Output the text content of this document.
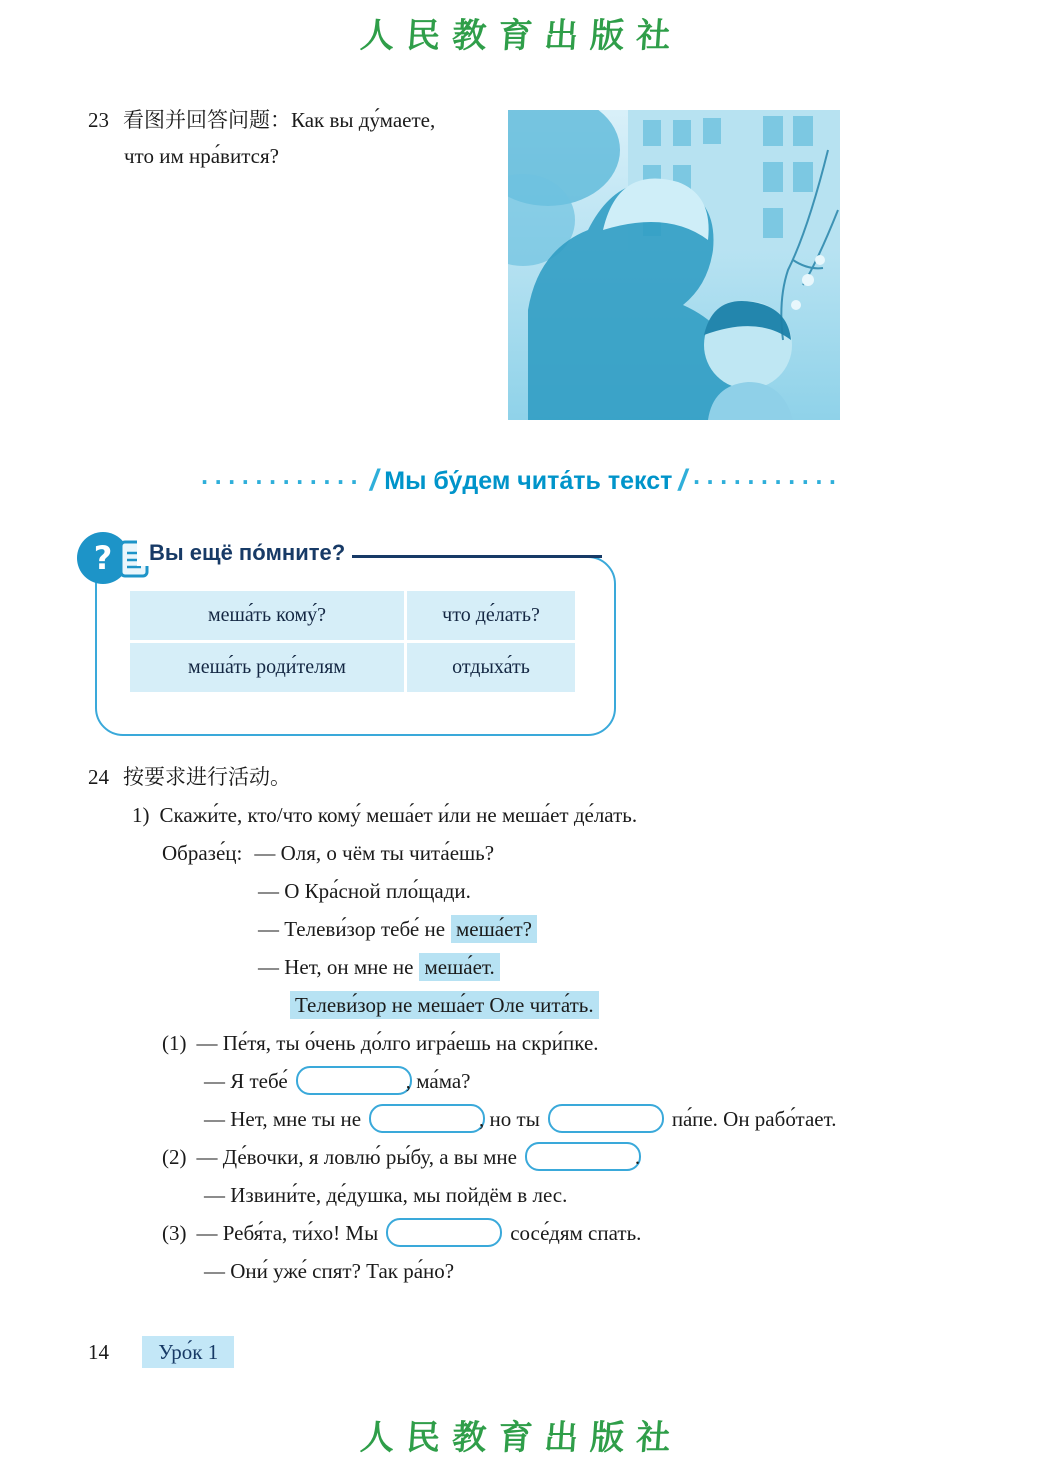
人民教育出版社
23 看图并回答问题：Как вы ду́маете,
что им нра́вится?
............ / Мы бу́дем чита́ть текст / ...........
?	Вы ещё по́мните?
меша́ть кому́?	что де́лать?
меша́ть роди́телям	отдыха́ть
24 按要求进行活动。
1) Скажи́те, кто/что кому́ меша́ет и́ли не меша́ет де́лать.
Образе́ц: — Оля, о чём ты чита́ешь?
— О Кра́сной пло́щади.
— Телеви́зор тебе́ не меша́ет?
— Нет, он мне не меша́ет.
Телеви́зор не меша́ет Оле чита́ть.
(1) — Пе́тя, ты о́чень до́лго игра́ешь на скри́пке.
— Я тебе́	, ма́ма?
— Нет, мне ты не	, но ты	па́пе. Он рабо́тает.
(2) — Де́вочки, я ловлю́ ры́бу, а вы мне	.
— Извини́те, де́душка, мы пойдём в лес.
(3) — Ребя́та, ти́хо! Мы	сосе́дям спать.
— Они́ уже́ спят? Так ра́но?
14 Уро́к 1
人民教育出版社
